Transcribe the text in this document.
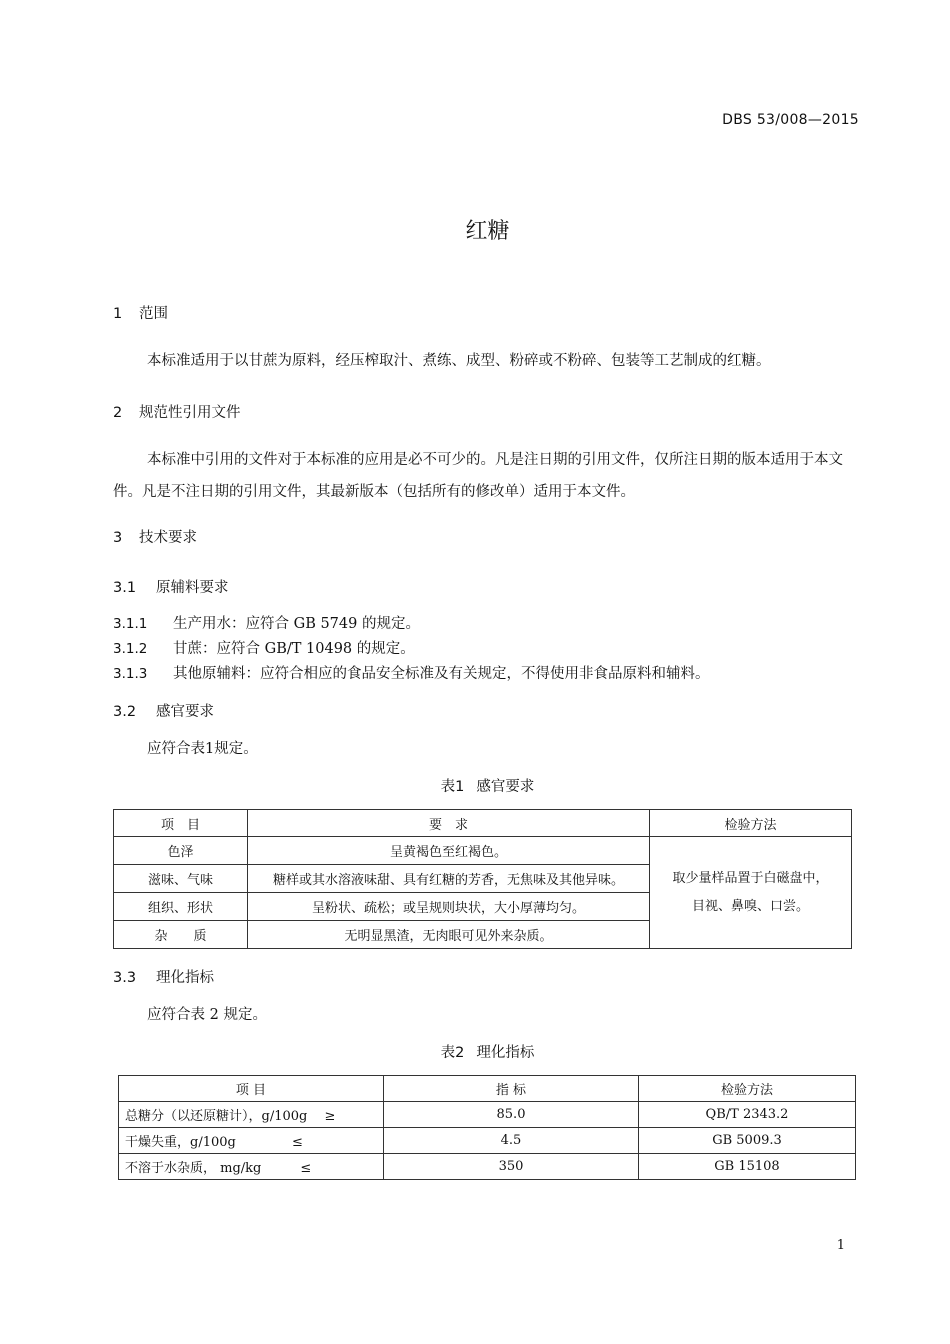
DBS 53/008—2015
红糖
1 范围
本标准适用于以甘蔗为原料，经压榨取汁、煮练、成型、粉碎或不粉碎、包装等工艺制成的红糖。
2 规范性引用文件
本标准中引用的文件对于本标准的应用是必不可少的。凡是注日期的引用文件，仅所注日期的版本适用于本文件。凡是不注日期的引用文件，其最新版本（包括所有的修改单）适用于本文件。
3 技术要求
3.1 原辅料要求
3.1.1 生产用水：应符合 GB 5749 的规定。
3.1.2 甘蔗：应符合 GB/T 10498 的规定。
3.1.3 其他原辅料：应符合相应的食品安全标准及有关规定，不得使用非食品原料和辅料。
3.2 感官要求
应符合表1规定。
表1 感官要求
项　目	要　求	检验方法
色泽	呈黄褐色至红褐色。	取少量样品置于白磁盘中，
目视、鼻嗅、口尝。

滋味、气味	糖样或其水溶液味甜、具有红糖的芳香，无焦味及其他异味。	
组织、形状	呈粉状、疏松；或呈规则块状，大小厚薄均匀。	
杂　　质	无明显黑渣，无肉眼可见外来杂质。	
3.3 理化指标
应符合表 2 规定。
表2 理化指标
项 目	指 标	检验方法
总糖分（以还原糖计），g/100g　 ≥	85.0	QB/T 2343.2
干燥失重，g/100g　　　　 ≤	4.5	GB 5009.3
不溶于水杂质， mg/kg　　　≤	350	GB 15108
1
